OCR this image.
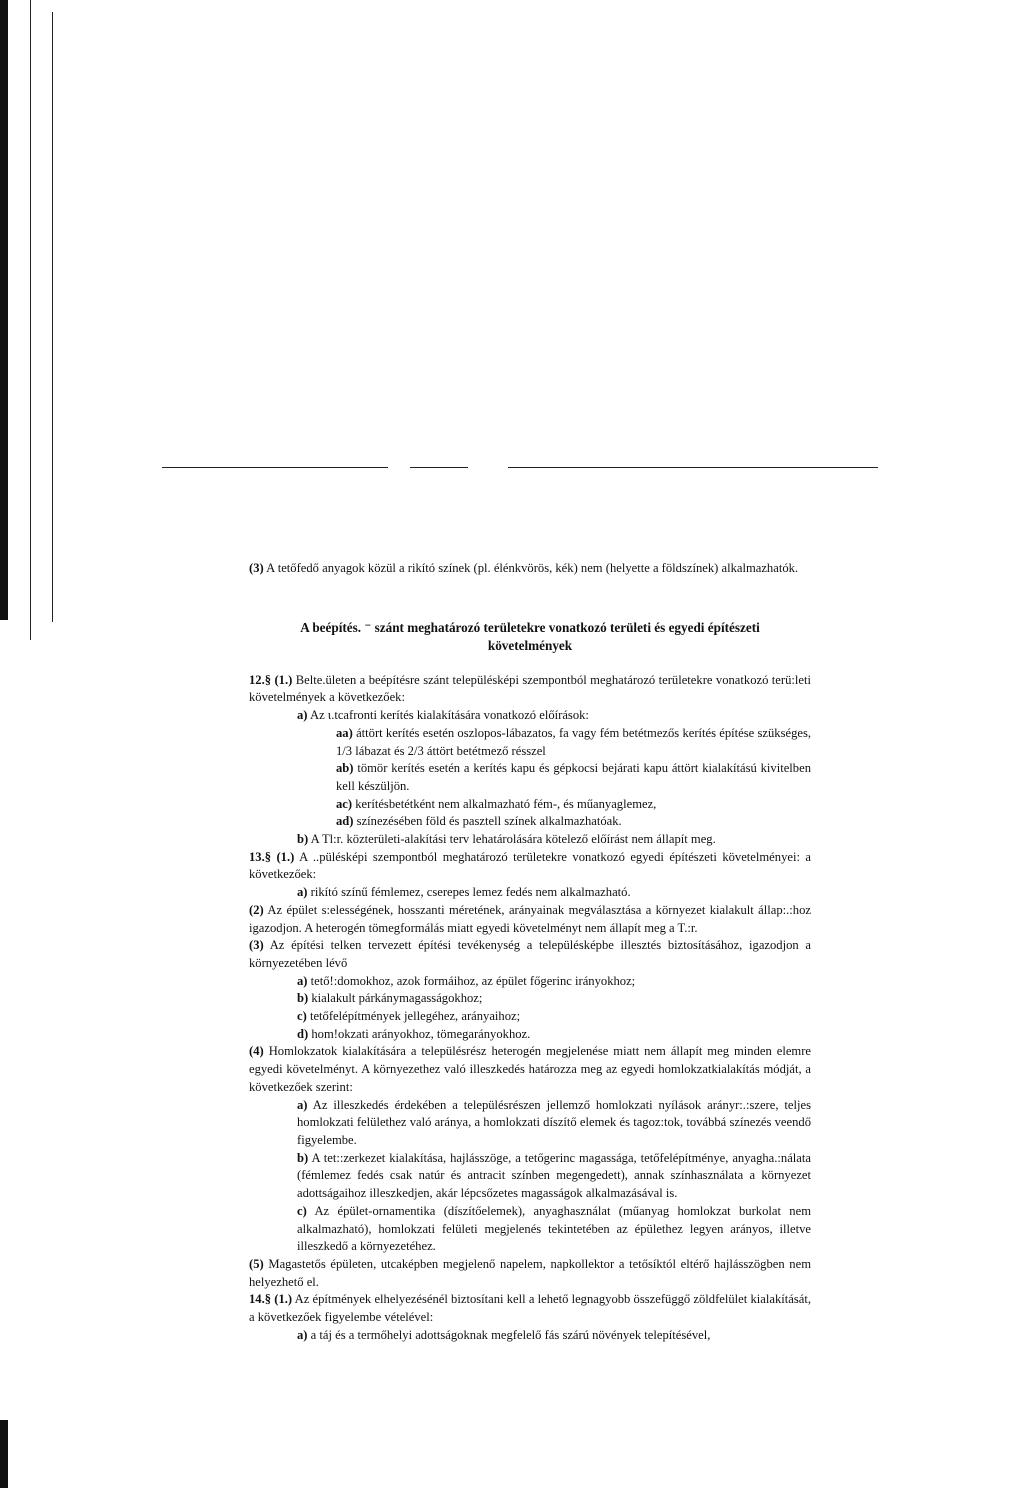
(3) A tetőfedő anyagok közül a rikító színek (pl. élénkvörös, kék) nem (helyette a földszínek) alkalmazhatók.

A beépítés. ⁻ szánt meghatározó területekre vonatkozó területi és egyedi építészeti
követelmények

12.§ (1.) Belte.ületen a beépítésre szánt településképi szempontból meghatározó területekre vonatkozó terü:leti követelmények a következőek:

a) Az ι.tcafronti kerítés kialakítására vonatkozó előírások:

aa) áttört kerítés esetén oszlopos-lábazatos, fa vagy fém betétmezős kerítés építése szükséges, 1/3 lábazat és 2/3 áttört betétmező résszel

ab) tömör kerítés esetén a kerítés kapu és gépkocsi bejárati kapu áttört kialakítású kivitelben kell készüljön.

ac) kerítésbetétként nem alkalmazható fém-, és műanyaglemez,

ad) színezésében föld és pasztell színek alkalmazhatóak.

b) A Tl:r. közterületi-alakítási terv lehatárolására kötelező előírást nem állapít meg.

13.§ (1.) A ..pülésképi szempontból meghatározó területekre vonatkozó egyedi építészeti követelményei: a következőek:

a) rikító színű fémlemez, cserepes lemez fedés nem alkalmazható.

(2) Az épület s:elességének, hosszanti méretének, arányainak megválasztása a környezet kialakult állap:.:hoz igazodjon. A heterogén tömegformálás miatt egyedi követelményt nem állapít meg a T.:r.

(3) Az építési telken tervezett építési tevékenység a településképbe illesztés biztosításához, igazodjon a környezetében lévő

a) tető!:domokhoz, azok formáihoz, az épület főgerinc irányokhoz;

b) kialakult párkánymagasságokhoz;

c) tetőfelépítmények jellegéhez, arányaihoz;

d) hom!okzati arányokhoz, tömegarányokhoz.

(4) Homlokzatok kialakítására a településrész heterogén megjelenése miatt nem állapít meg minden elemre egyedi követelményt. A környezethez való illeszkedés határozza meg az egyedi homlokzatkialakítás módját, a következőek szerint:

a) Az illeszkedés érdekében a településrészen jellemző homlokzati nyílások arányr:.:szere, teljes homlokzati felülethez való aránya, a homlokzati díszítő elemek és tagoz:tok, továbbá színezés veendő figyelembe.

b) A tet::zerkezet kialakítása, hajlásszöge, a tetőgerinc magassága, tetőfelépítménye, anyagha.:nálata (fémlemez fedés csak natúr és antracit színben megengedett), annak színhasználata a környezet adottságaihoz illeszkedjen, akár lépcsőzetes magasságok alkalmazásával is.

c) Az épület-ornamentika (díszítőelemek), anyaghasználat (műanyag homlokzat burkolat nem alkalmazható), homlokzati felületi megjelenés tekintetében az épülethez legyen arányos, illetve illeszkedő a környezetéhez.

(5) Magastetős épületen, utcaképben megjelenő napelem, napkollektor a tetősíktól eltérő hajlásszögben nem helyezhető el.

14.§ (1.) Az építmények elhelyezésénél biztosítani kell a lehető legnagyobb összefüggő zöldfelület kialakítását, a következőek figyelembe vételével:

a) a táj és a termőhelyi adottságoknak megfelelő fás szárú növények telepítésével,
